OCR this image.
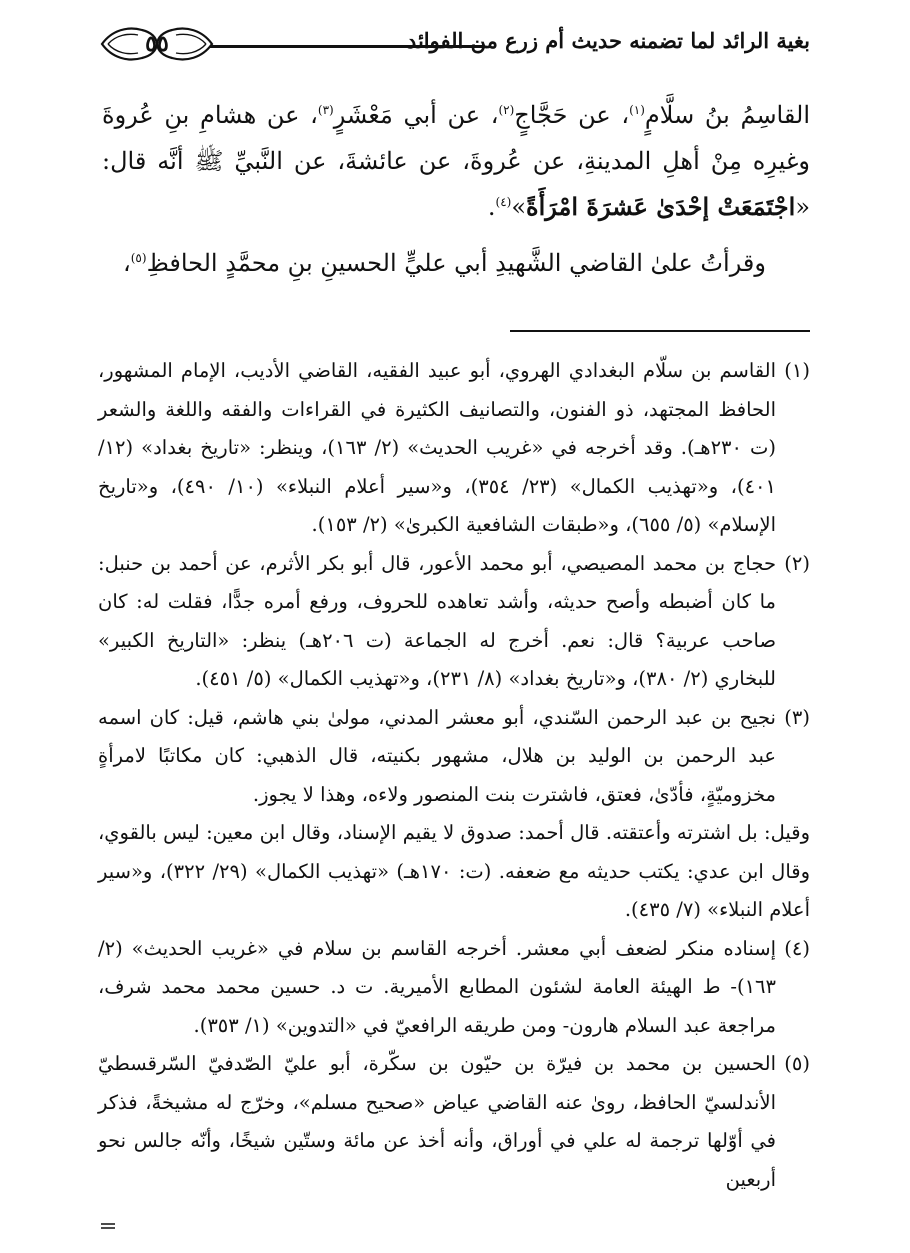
بغية الرائد لما تضمنه حديث أم زرع من الفوائد
٥٥

القاسِمُ بنُ سلَّامٍ$^{(١)}$، عن حَجَّاجٍ$^{(٢)}$، عن أبي مَعْشَرٍ$^{(٣)}$، عن هشامِ بنِ عُروةَ وغيرِه مِنْ أهلِ المدينةِ، عن عُروةَ، عن عائشةَ، عن النَّبيِّ ﷺ أنَّه قال: «اجْتَمَعَتْ إحْدَىٰ عَشرَةَ امْرَأَةً»$^{(٤)}$.

وقرأتُ علىٰ القاضي الشَّهيدِ أبي عليٍّ الحسينِ بنِ محمَّدٍ الحافظِ$^{(٥)}$،

(١)
القاسم بن سلّام البغدادي الهروي، أبو عبيد الفقيه، القاضي الأديب، الإمام المشهور، الحافظ المجتهد، ذو الفنون، والتصانيف الكثيرة في القراءات والفقه واللغة والشعر (ت ٢٣٠هـ). وقد أخرجه في «غريب الحديث» (٢/ ١٦٣)، وينظر: «تاريخ بغداد» (١٢/ ٤٠١)، و«تهذيب الكمال» (٢٣/ ٣٥٤)، و«سير أعلام النبلاء» (١٠/ ٤٩٠)، و«تاريخ الإسلام» (٥/ ٦٥٥)، و«طبقات الشافعية الكبرىٰ» (٢/ ١٥٣).
(٢)
حجاج بن محمد المصيصي، أبو محمد الأعور، قال أبو بكر الأثرم، عن أحمد بن حنبل: ما كان أضبطه وأصح حديثه، وأشد تعاهده للحروف، ورفع أمره جدًّا، فقلت له: كان صاحب عربية؟ قال: نعم. أخرج له الجماعة (ت ٢٠٦هـ) ينظر: «التاريخ الكبير» للبخاري (٢/ ٣٨٠)، و«تاريخ بغداد» (٨/ ٢٣١)، و«تهذيب الكمال» (٥/ ٤٥١).
(٣)
نجيح بن عبد الرحمن السّندي، أبو معشر المدني، مولىٰ بني هاشم، قيل: كان اسمه عبد الرحمن بن الوليد بن هلال، مشهور بكنيته، قال الذهبي: كان مكاتبًا لامرأةٍ مخزوميّةٍ، فأدّىٰ، فعتق، فاشترت بنت المنصور ولاءه، وهذا لا يجوز.

وقيل: بل اشترته وأعتقته. قال أحمد: صدوق لا يقيم الإسناد، وقال ابن معين: ليس بالقوي، وقال ابن عدي: يكتب حديثه مع ضعفه. (ت: ١٧٠هـ) «تهذيب الكمال» (٢٩/ ٣٢٢)، و«سير أعلام النبلاء» (٧/ ٤٣٥).

(٤)
إسناده منكر لضعف أبي معشر. أخرجه القاسم بن سلام في «غريب الحديث» (٢/ ١٦٣)- ط الهيئة العامة لشئون المطابع الأميرية. ت د. حسين محمد محمد شرف، مراجعة عبد السلام هارون- ومن طريقه الرافعيّ في «التدوين» (١/ ٣٥٣).
(٥)
الحسين بن محمد بن فيرّة بن حيّون بن سكّرة، أبو عليّ الصّدفيّ السّرقسطيّ الأندلسيّ الحافظ، روىٰ عنه القاضي عياض «صحيح مسلم»، وخرّج له مشيخةً، فذكر في أوّلها ترجمة له علي في أوراق، وأنه أخذ عن مائة وستّين شيخًا، وأنّه جالس نحو أربعين
